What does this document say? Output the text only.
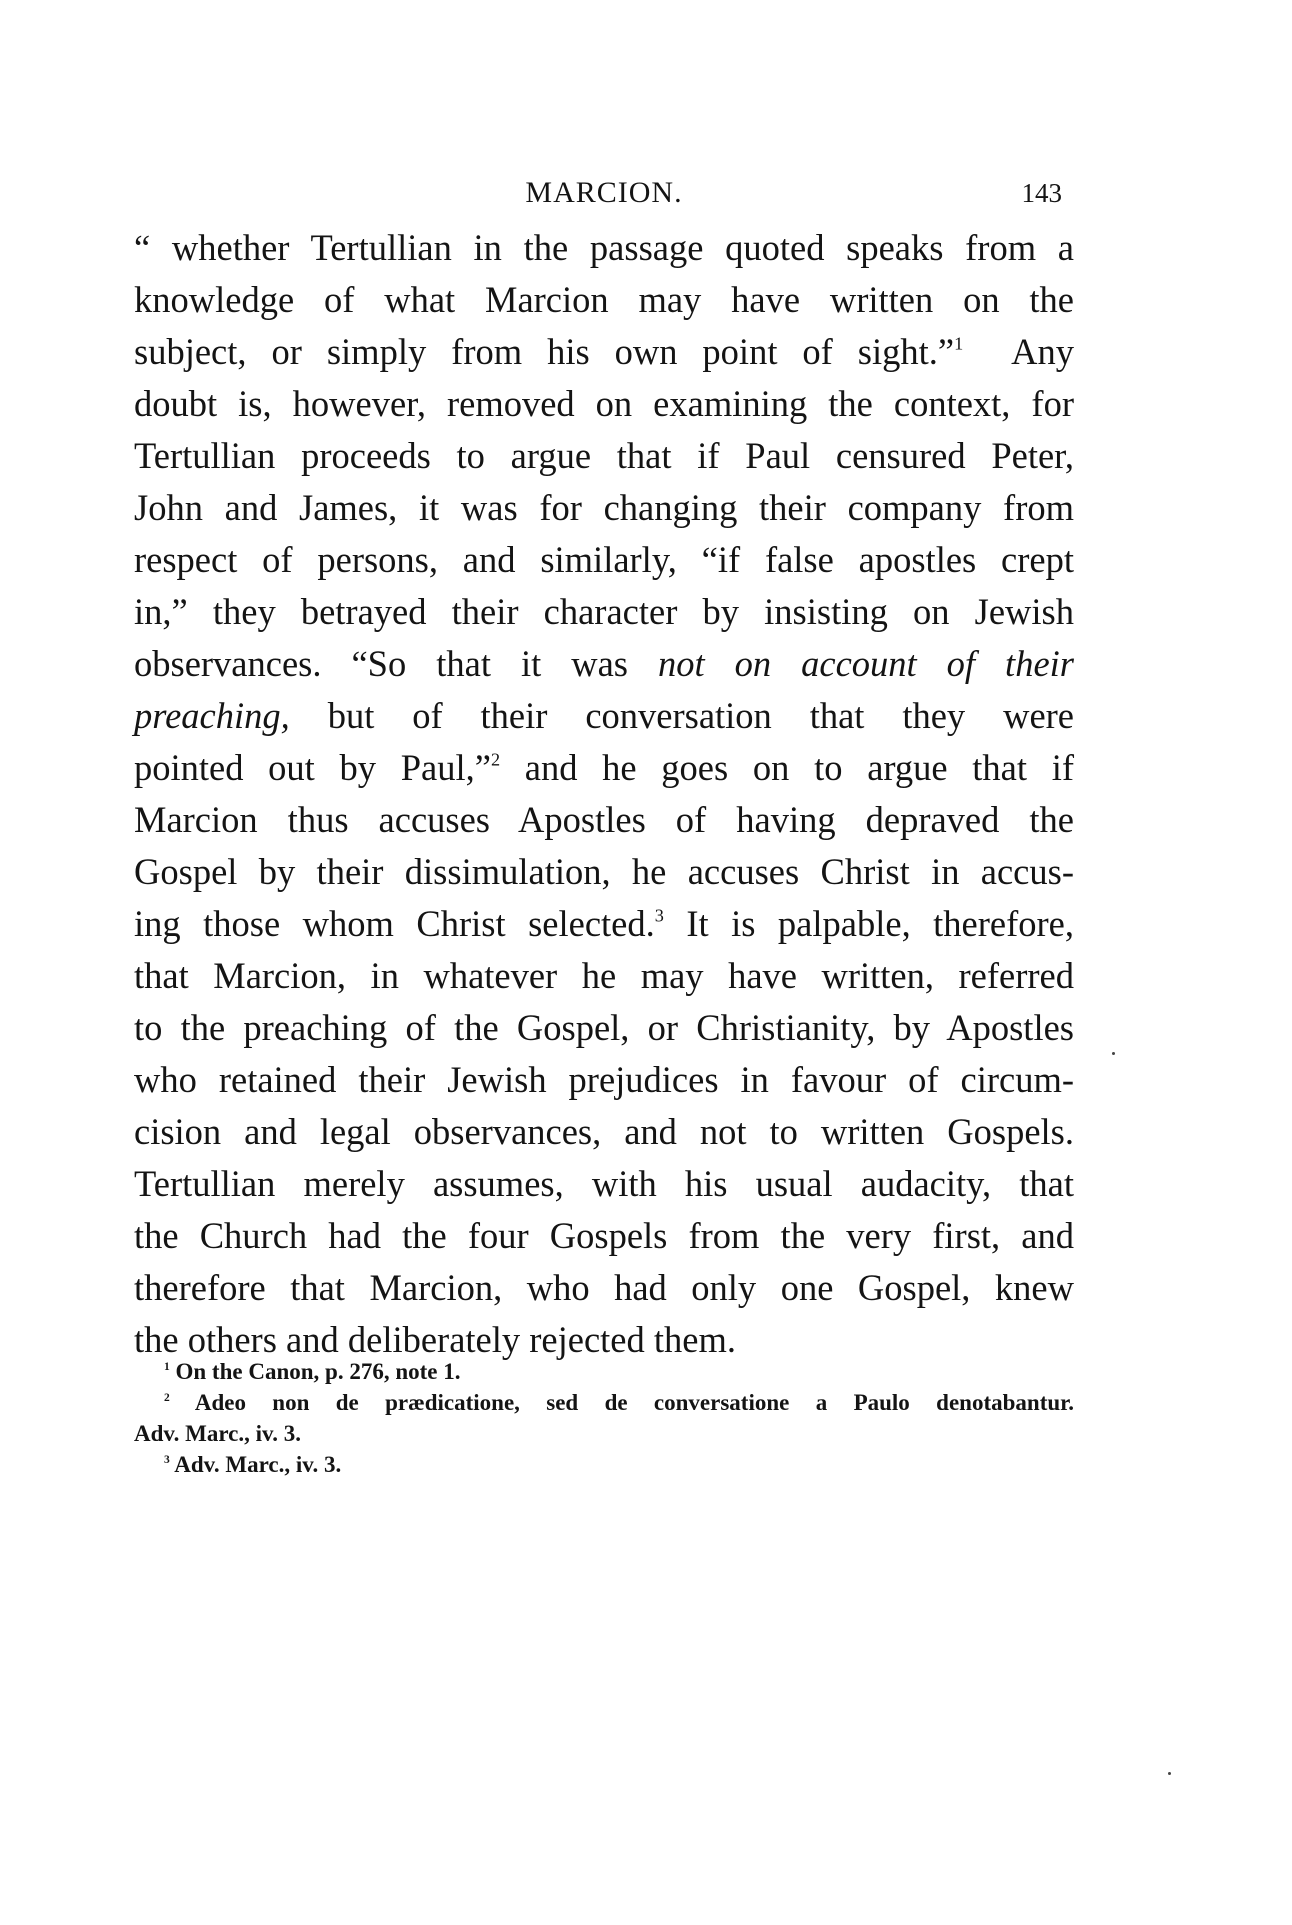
MARCION.	143
“ whether Tertullian in the passage quoted speaks from a
knowledge of what Marcion may have written on the
subject, or simply from his own point of sight.”$^1$ Any
doubt is, however, removed on examining the context, for
Tertullian proceeds to argue that if Paul censured Peter,
John and James, it was for changing their company from
respect of persons, and similarly, “if false apostles crept
in,” they betrayed their character by insisting on Jewish
observances. “So that it was not on account of their
preaching, but of their conversation that they were
pointed out by Paul,”$^2$ and he goes on to argue that if
Marcion thus accuses Apostles of having depraved the
Gospel by their dissimulation, he accuses Christ in accus-
ing those whom Christ selected.$^3$ It is palpable, therefore,
that Marcion, in whatever he may have written, referred
to the preaching of the Gospel, or Christianity, by Apostles
who retained their Jewish prejudices in favour of circum-
cision and legal observances, and not to written Gospels.
Tertullian merely assumes, with his usual audacity, that
the Church had the four Gospels from the very first, and
therefore that Marcion, who had only one Gospel, knew
the others and deliberately rejected them.
$^1$ On the Canon, p. 276, note 1.
$^2$ Adeo non de prædicatione, sed de conversatione a Paulo denotabantur.
Adv. Marc., iv. 3.
$^3$ Adv. Marc., iv. 3.
